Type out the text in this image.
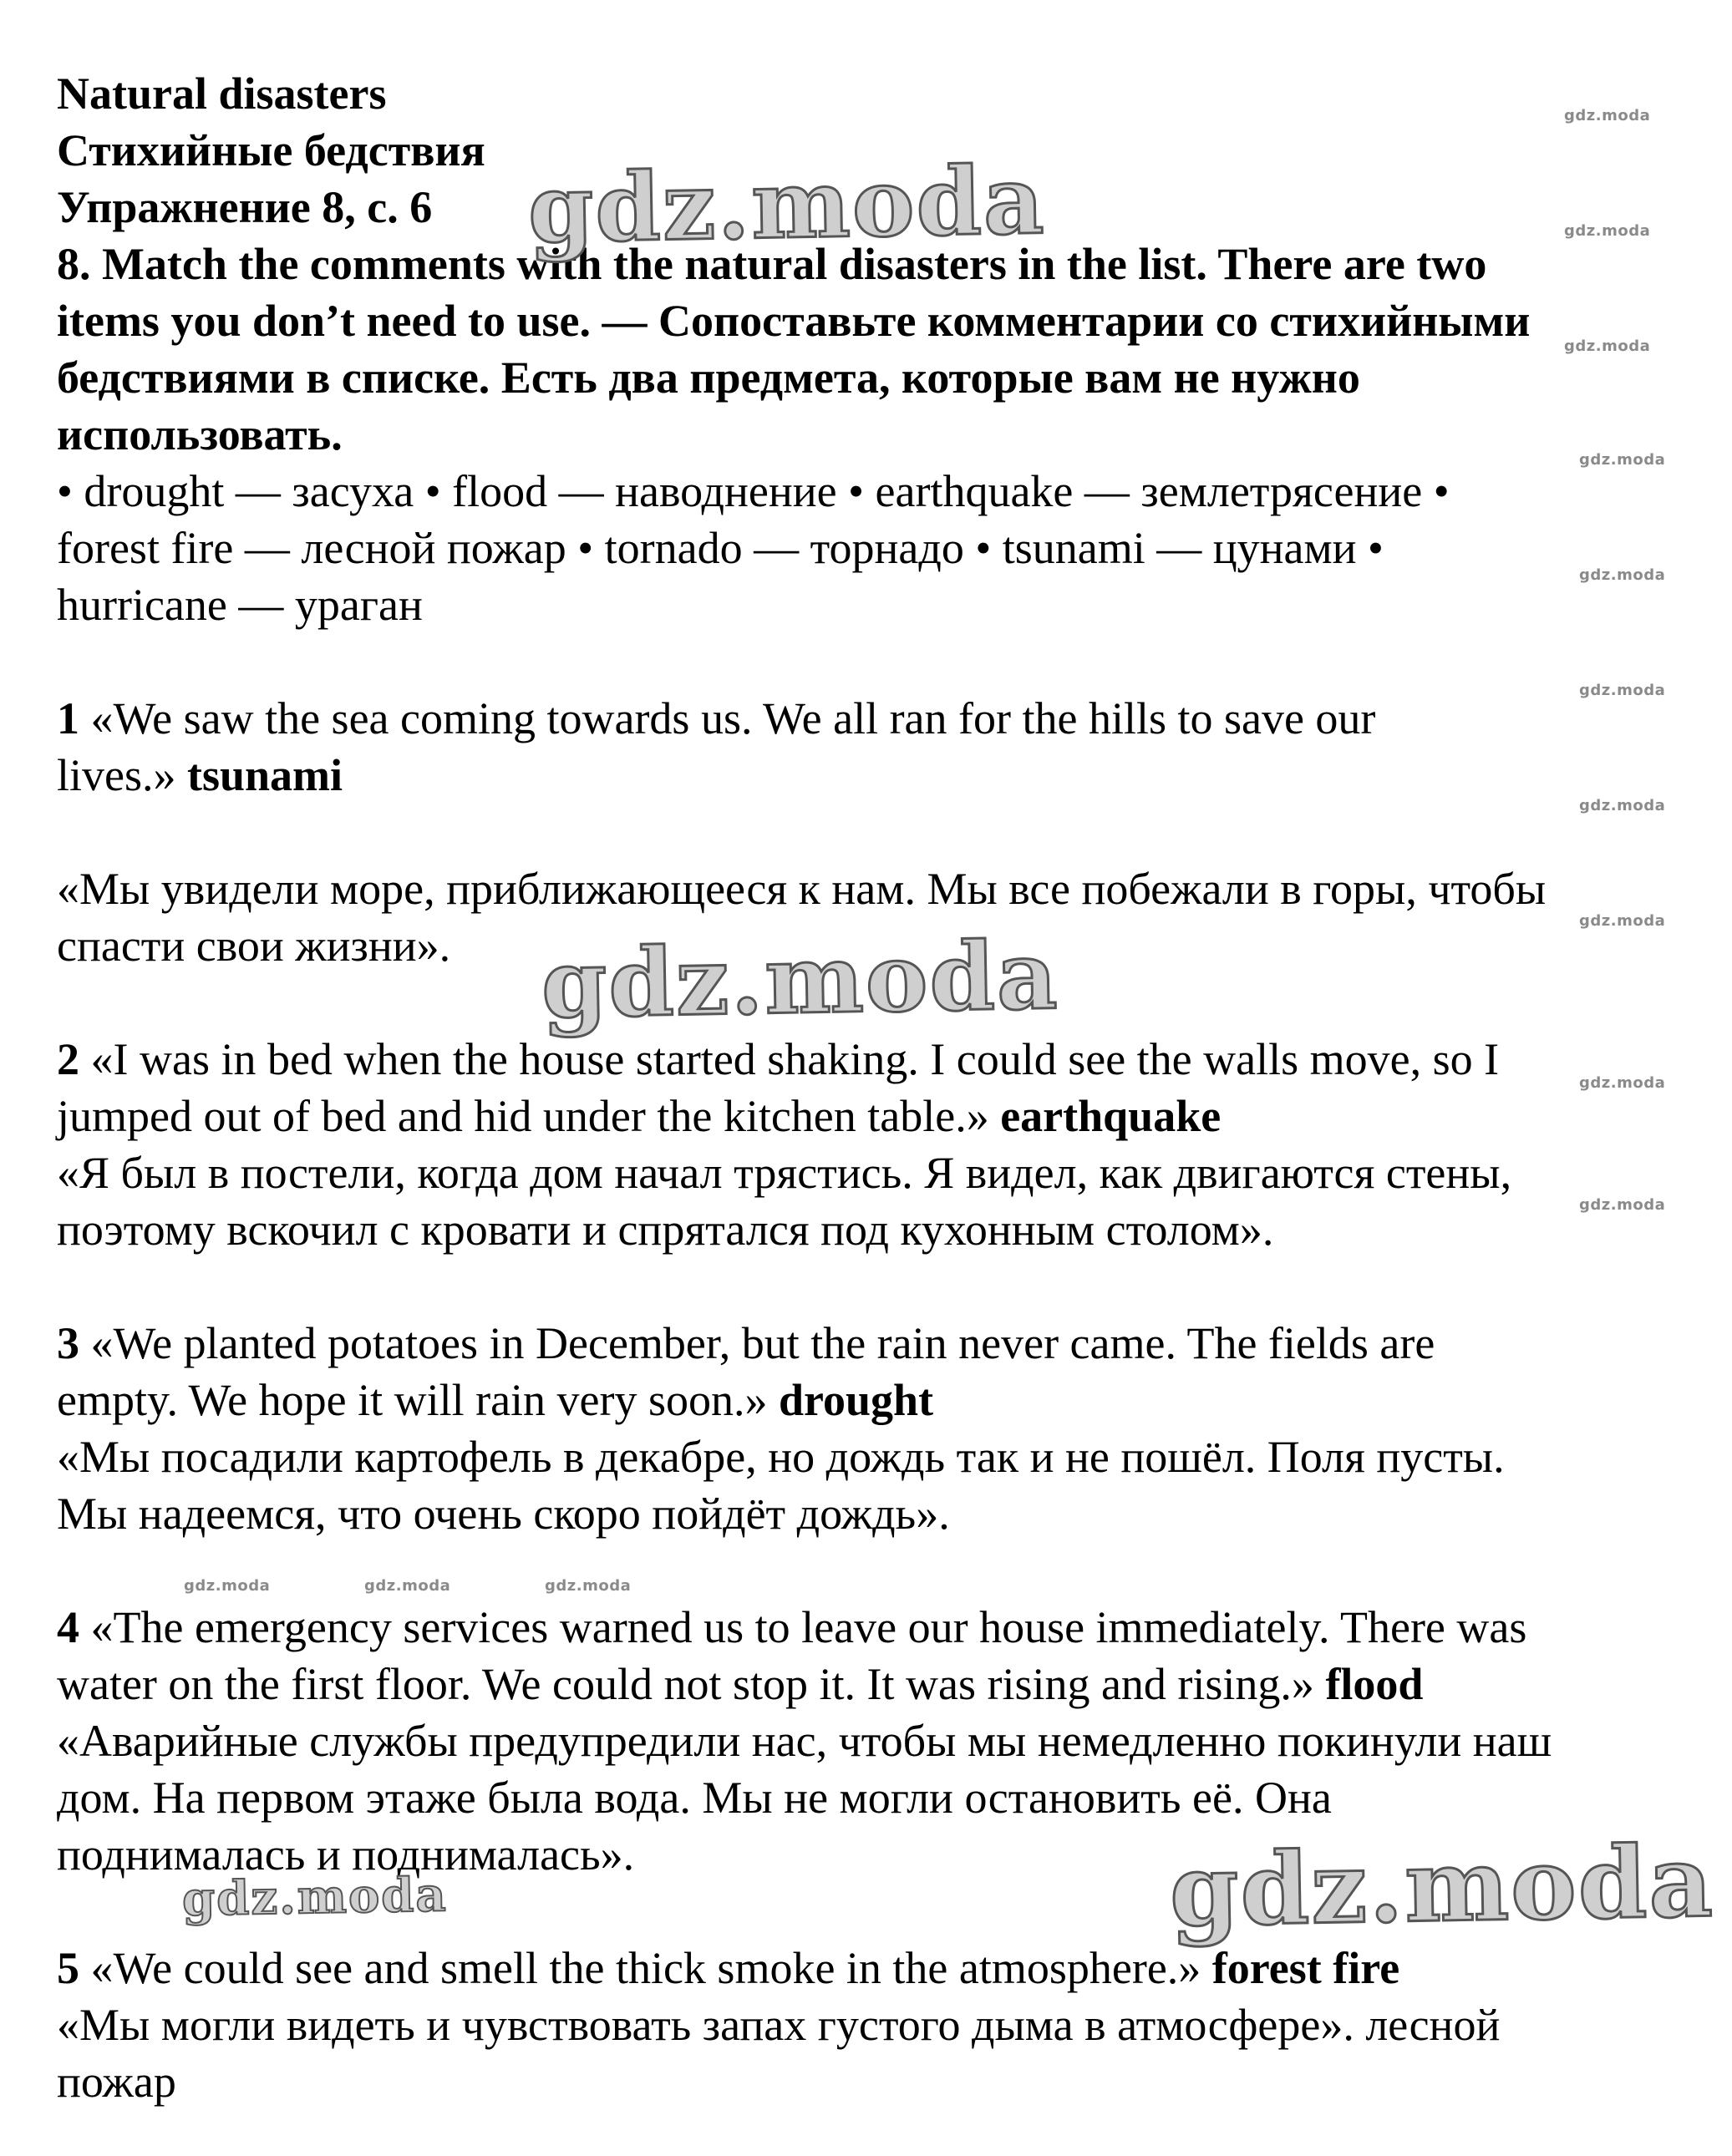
Natural disasters

Стихийные бедствия

Упражнение 8, с. 6

8. Match the comments with the natural disasters in the list. There are two

items you don’t need to use. — Сопоставьте комментарии со стихийными

бедствиями в списке. Есть два предмета, которые вам не нужно

использовать.

• drought — засуха • flood — наводнение • earthquake — землетрясение •

forest fire — лесной пожар • tornado — торнадо • tsunami — цунами •

hurricane — ураган

1 «We saw the sea coming towards us. We all ran for the hills to save our

lives.» tsunami

«Мы увидели море, приближающееся к нам. Мы все побежали в горы, чтобы

спасти свои жизни».

2 «I was in bed when the house started shaking. I could see the walls move, so I

jumped out of bed and hid under the kitchen table.» earthquake

«Я был в постели, когда дом начал трястись. Я видел, как двигаются стены,

поэтому вскочил с кровати и спрятался под кухонным столом».

3 «We planted potatoes in December, but the rain never came. The fields are

empty. We hope it will rain very soon.» drought

«Мы посадили картофель в декабре, но дождь так и не пошёл. Поля пусты.

Мы надеемся, что очень скоро пойдёт дождь».

4 «The emergency services warned us to leave our house immediately. There was

water on the first floor. We could not stop it. It was rising and rising.» flood

«Аварийные службы предупредили нас, чтобы мы немедленно покинули наш

дом. На первом этаже была вода. Мы не могли остановить её. Она

поднималась и поднималась».

5 «We could see and smell the thick smoke in the atmosphere.» forest fire

«Мы могли видеть и чувствовать запах густого дыма в атмосфере». лесной

пожар

gdz.moda
gdz.moda
gdz.moda
gdz.moda
gdz.moda
gdz.moda
gdz.moda
gdz.moda
gdz.moda
gdz.moda
gdz.moda
gdz.moda
gdz.moda
gdz.moda
gdz.moda	gdz.moda	gdz.moda
